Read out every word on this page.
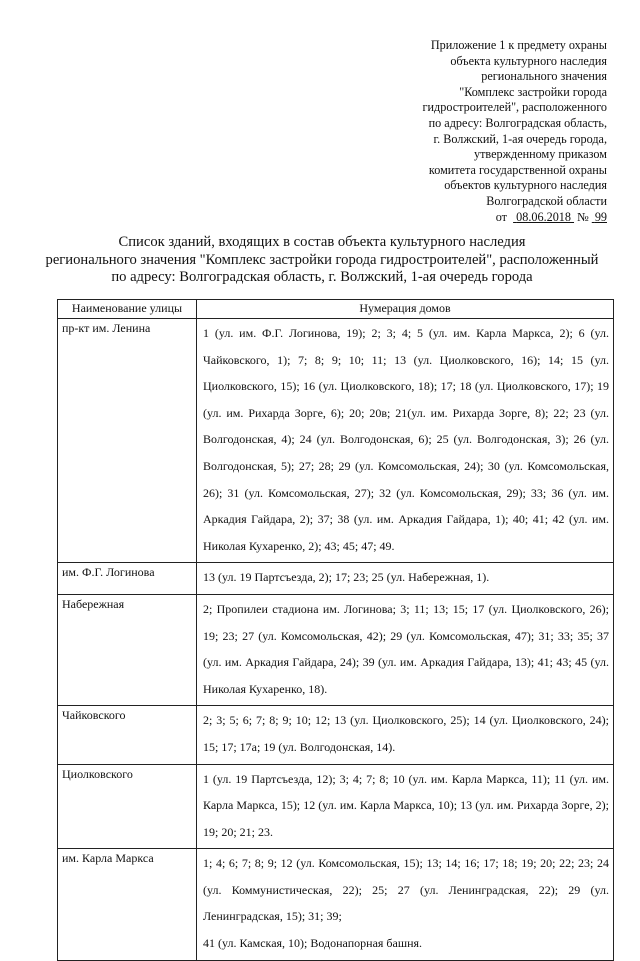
Приложение 1 к предмету охраны
объекта культурного наследия
регионального значения
"Комплекс застройки города
гидростроителей", расположенного
по адресу: Волгоградская область,
г. Волжский, 1-ая очередь города,
утвержденному приказом
комитета государственной охраны
объектов культурного наследия
Волгоградской области
от 08.06.2018 № 99
Список зданий, входящих в состав объекта культурного наследия
регионального значения "Комплекс застройки города гидростроителей", расположенный
по адресу: Волгоградская область, г. Волжский, 1-ая очередь города
Наименование улицы	Нумерация домов
пр-кт им. Ленина	1 (ул. им. Ф.Г. Логинова, 19); 2; 3; 4; 5 (ул. им. Карла Маркса, 2); 6 (ул. Чайковского, 1); 7; 8; 9; 10; 11; 13 (ул. Циолковского, 16); 14; 15 (ул. Циолковского, 15); 16 (ул. Циолковского, 18); 17; 18 (ул. Циолковского, 17); 19 (ул. им. Рихарда Зорге, 6); 20; 20в; 21(ул. им. Рихарда Зорге, 8); 22; 23 (ул. Волгодонская, 4); 24 (ул. Волгодонская, 6); 25 (ул. Волгодонская, 3); 26 (ул. Волгодонская, 5); 27; 28; 29 (ул. Комсомольская, 24); 30 (ул. Комсомольская, 26); 31 (ул. Комсомольская, 27); 32 (ул. Комсомольская, 29); 33; 36 (ул. им. Аркадия Гайдара, 2); 37; 38 (ул. им. Аркадия Гайдара, 1); 40; 41; 42 (ул. им. Николая Кухаренко, 2); 43; 45; 47; 49.
им. Ф.Г. Логинова	13 (ул. 19 Партсъезда, 2); 17; 23; 25 (ул. Набережная, 1).
Набережная	2; Пропилеи стадиона им. Логинова; 3; 11; 13; 15; 17 (ул. Циолковского, 26); 19; 23; 27 (ул. Комсомольская, 42); 29 (ул. Комсомольская, 47); 31; 33; 35; 37 (ул. им. Аркадия Гайдара, 24); 39 (ул. им. Аркадия Гайдара, 13); 41; 43; 45 (ул. Николая Кухаренко, 18).
Чайковского	2; 3; 5; 6; 7; 8; 9; 10; 12; 13 (ул. Циолковского, 25); 14 (ул. Циолковского, 24); 15; 17; 17а; 19 (ул. Волгодонская, 14).
Циолковского	1 (ул. 19 Партсъезда, 12); 3; 4; 7; 8; 10 (ул. им. Карла Маркса, 11); 11 (ул. им. Карла Маркса, 15); 12 (ул. им. Карла Маркса, 10); 13 (ул. им. Рихарда Зорге, 2); 19; 20; 21; 23.
им. Карла Маркса	1; 4; 6; 7; 8; 9; 12 (ул. Комсомольская, 15); 13; 14; 16; 17; 18; 19; 20; 22; 23; 24 (ул. Коммунистическая, 22); 25; 27 (ул. Ленинградская, 22); 29 (ул. Ленинградская, 15); 31; 39;

41 (ул. Камская, 10); Водонапорная башня.
